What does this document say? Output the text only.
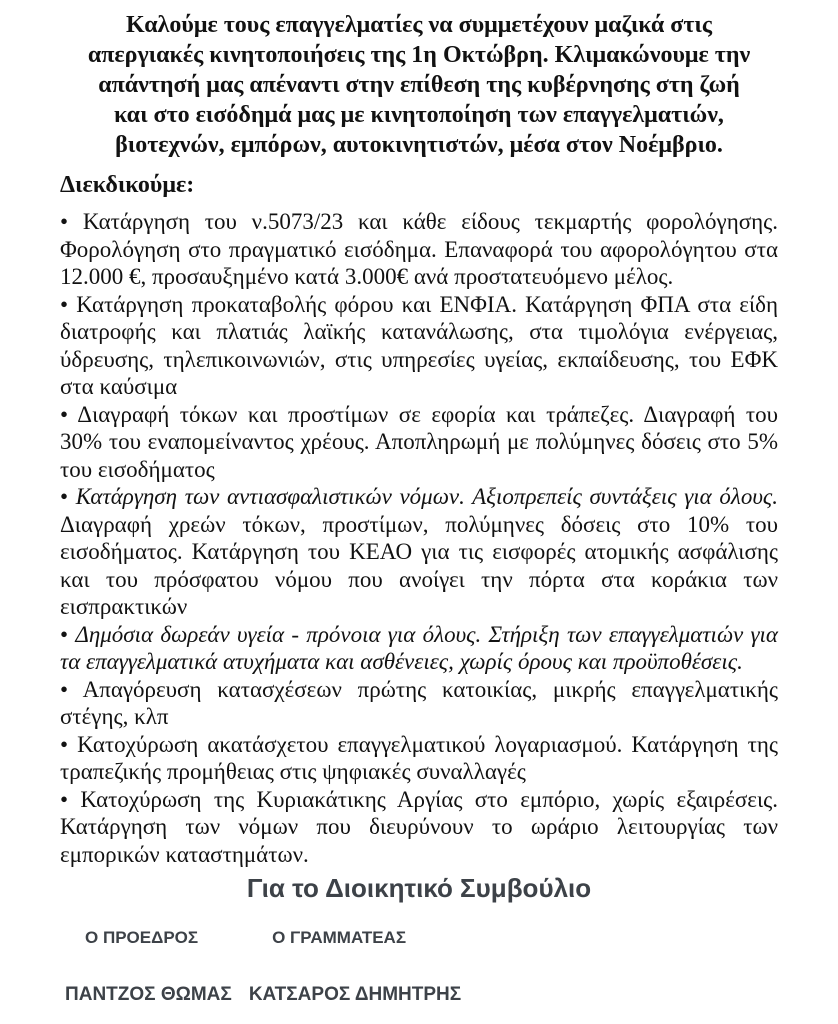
Καλούμε τους επαγγελματίες να συμμετέχουν μαζικά στις
απεργιακές κινητοποιήσεις της 1η Οκτώβρη. Κλιμακώνουμε την
απάντησή μας απέναντι στην επίθεση της κυβέρνησης στη ζωή
και στο εισόδημά μας με κινητοποίηση των επαγγελματιών,
βιοτεχνών, εμπόρων, αυτοκινητιστών, μέσα στον Νοέμβριο.
Διεκδικούμε:

• Κατάργηση του ν.5073/23 και κάθε είδους τεκμαρτής φορολόγησης. Φορολόγηση στο πραγματικό εισόδημα. Επαναφορά του αφορολόγητου στα 12.000 €, προσαυξημένο κατά 3.000€ ανά προστατευόμενο μέλος.

• Κατάργηση προκαταβολής φόρου και ΕΝΦΙΑ. Κατάργηση ΦΠΑ στα είδη διατροφής και πλατιάς λαϊκής κατανάλωσης, στα τιμολόγια ενέργειας, ύδρευσης, τηλεπικοινωνιών, στις υπηρεσίες υγείας, εκπαίδευσης, του ΕΦΚ στα καύσιμα

• Διαγραφή τόκων και προστίμων σε εφορία και τράπεζες. Διαγραφή του 30% του εναπομείναντος χρέους. Αποπληρωμή με πολύμηνες δόσεις στο 5% του εισοδήματος

• Κατάργηση των αντιασφαλιστικών νόμων. Αξιοπρεπείς συντάξεις για όλους. Διαγραφή χρεών τόκων, προστίμων, πολύμηνες δόσεις στο 10% του εισοδήματος. Κατάργηση του ΚΕΑΟ για τις εισφορές ατομικής ασφάλισης και του πρόσφατου νόμου που ανοίγει την πόρτα στα κοράκια των εισπρακτικών

• Δημόσια δωρεάν υγεία - πρόνοια για όλους. Στήριξη των επαγγελματιών για τα επαγγελματικά ατυχήματα και ασθένειες, χωρίς όρους και προϋποθέσεις.

• Απαγόρευση κατασχέσεων πρώτης κατοικίας, μικρής επαγγελματικής στέγης, κλπ

• Κατοχύρωση ακατάσχετου επαγγελματικού λογαριασμού. Κατάργηση της τραπεζικής προμήθειας στις ψηφιακές συναλλαγές

• Κατοχύρωση της Κυριακάτικης Αργίας στο εμπόριο, χωρίς εξαιρέσεις. Κατάργηση των νόμων που διευρύνουν το ωράριο λειτουργίας των εμπορικών καταστημάτων.

Για το Διοικητικό Συμβούλιο
Ο ΠΡΟΕΔΡΟΣ	Ο ΓΡΑΜΜΑΤΕΑΣ
ΠΑΝΤΖΟΣ ΘΩΜΑΣ ΚΑΤΣΑΡΟΣ ΔΗΜΗΤΡΗΣ
